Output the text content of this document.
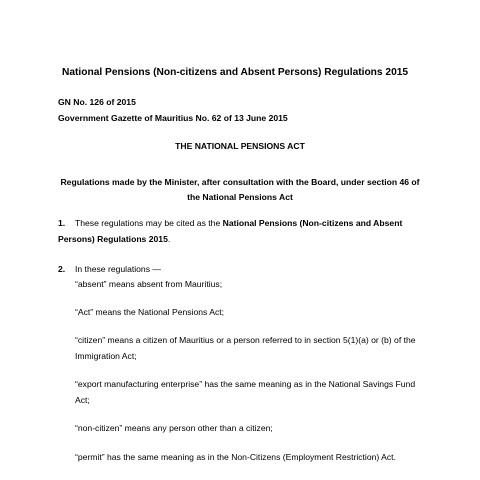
National Pensions (Non-citizens and Absent Persons) Regulations 2015
GN No. 126 of 2015
Government Gazette of Mauritius No. 62 of 13 June 2015
THE NATIONAL PENSIONS ACT
Regulations made by the Minister, after consultation with the Board, under section 46 of
the National Pensions Act
1. These regulations may be cited as the National Pensions (Non-citizens and Absent
Persons) Regulations 2015.
2. In these regulations —
“absent” means absent from Mauritius;
“Act” means the National Pensions Act;
“citizen” means a citizen of Mauritius or a person referred to in section 5(1)(a) or (b) of the
Immigration Act;
“export manufacturing enterprise” has the same meaning as in the National Savings Fund
Act;
“non-citizen” means any person other than a citizen;
“permit” has the same meaning as in the Non-Citizens (Employment Restriction) Act.
